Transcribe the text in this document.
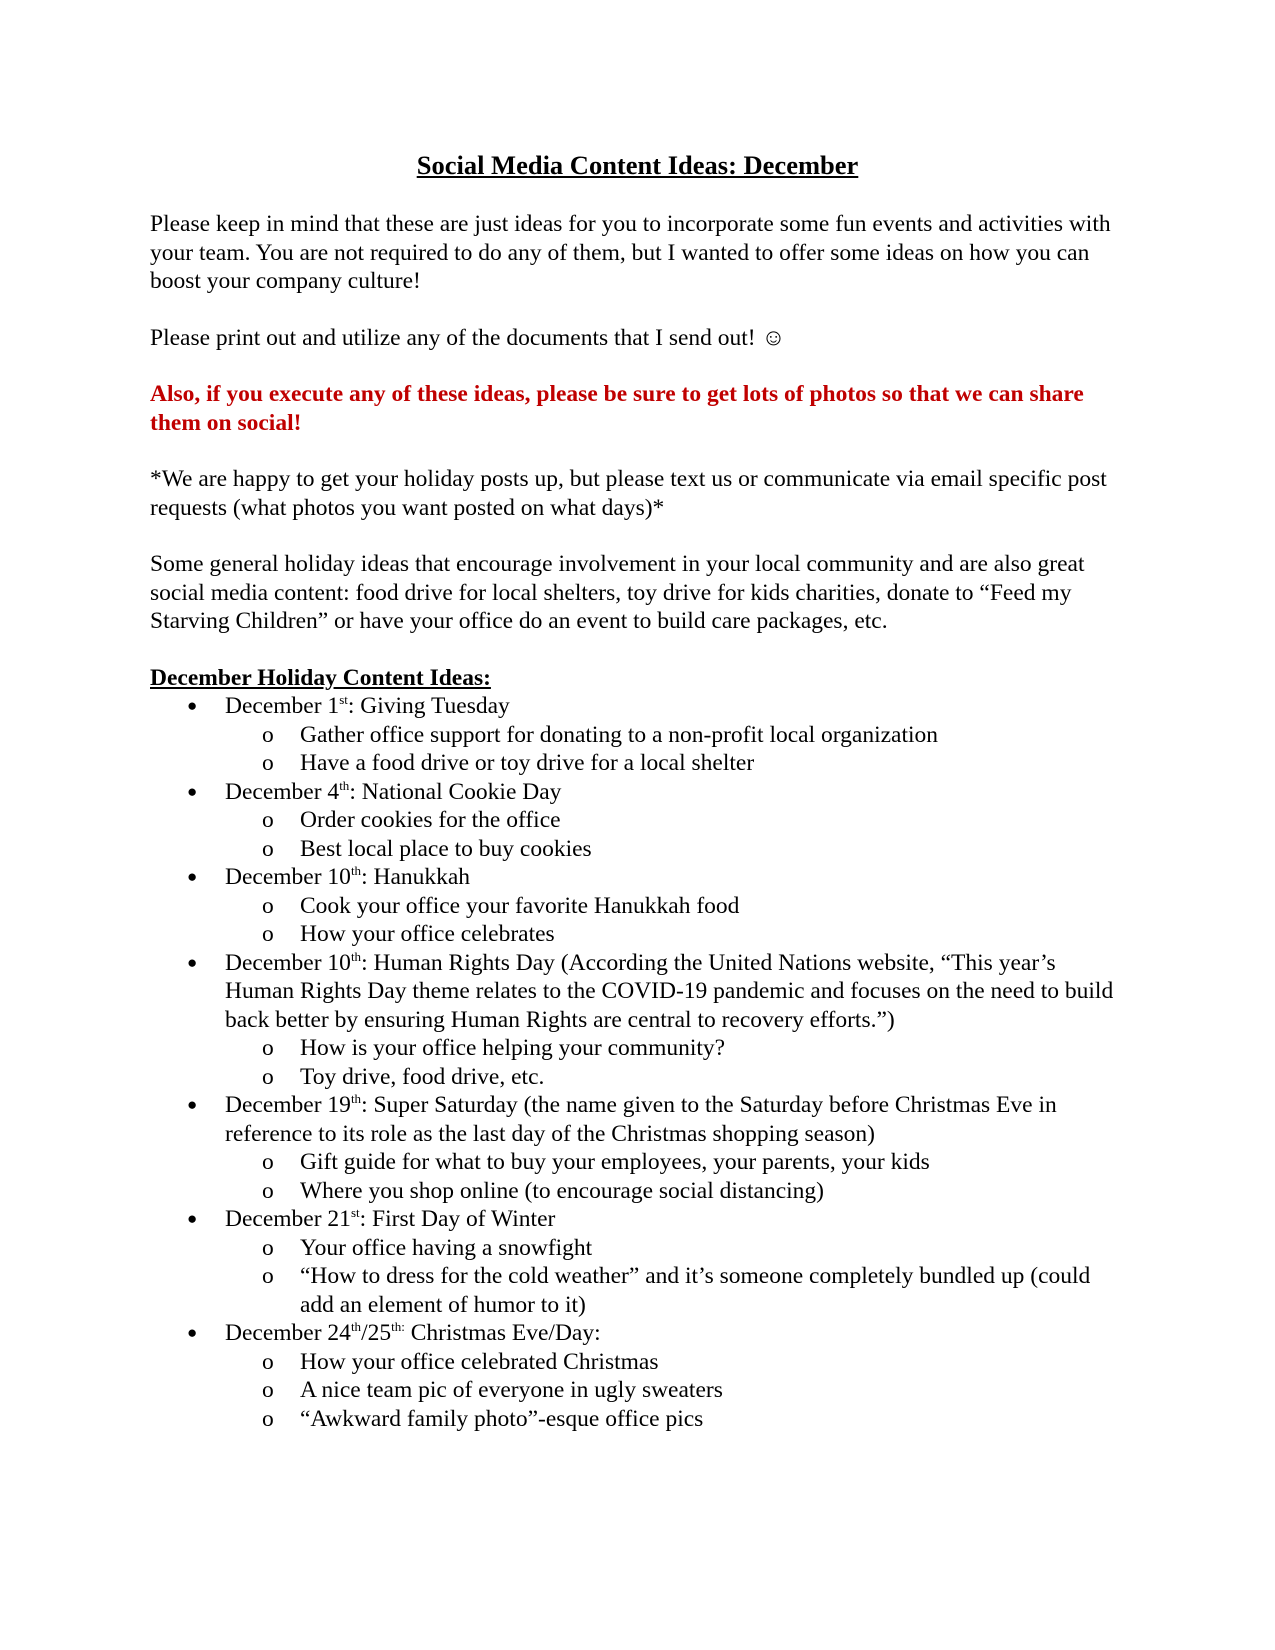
Social Media Content Ideas: December

Please keep in mind that these are just ideas for you to incorporate some fun events and activities with your team. You are not required to do any of them, but I wanted to offer some ideas on how you can boost your company culture!

Please print out and utilize any of the documents that I send out! ☺

Also, if you execute any of these ideas, please be sure to get lots of photos so that we can share them on social!

*We are happy to get your holiday posts up, but please text us or communicate via email specific post requests (what photos you want posted on what days)*

Some general holiday ideas that encourage involvement in your local community and are also great social media content: food drive for local shelters, toy drive for kids charities, donate to “Feed my Starving Children” or have your office do an event to build care packages, etc.

December Holiday Content Ideas:

● December 1st: Giving Tuesday
o Gather office support for donating to a non-profit local organization
o Have a food drive or toy drive for a local shelter
● December 4th: National Cookie Day
o Order cookies for the office
o Best local place to buy cookies
● December 10th: Hanukkah
o Cook your office your favorite Hanukkah food
o How your office celebrates
● December 10th: Human Rights Day (According the United Nations website, “This year’s Human Rights Day theme relates to the COVID-19 pandemic and focuses on the need to build back better by ensuring Human Rights are central to recovery efforts.”)
o How is your office helping your community?
o Toy drive, food drive, etc.
● December 19th: Super Saturday (the name given to the Saturday before Christmas Eve in reference to its role as the last day of the Christmas shopping season)
o Gift guide for what to buy your employees, your parents, your kids
o Where you shop online (to encourage social distancing)
● December 21st: First Day of Winter
o Your office having a snowfight
o “How to dress for the cold weather” and it’s someone completely bundled up (could add an element of humor to it)
● December $24th/25^{th:}$ Christmas Eve/Day:
o How your office celebrated Christmas
o A nice team pic of everyone in ugly sweaters
o “Awkward family photo”-esque office pics
